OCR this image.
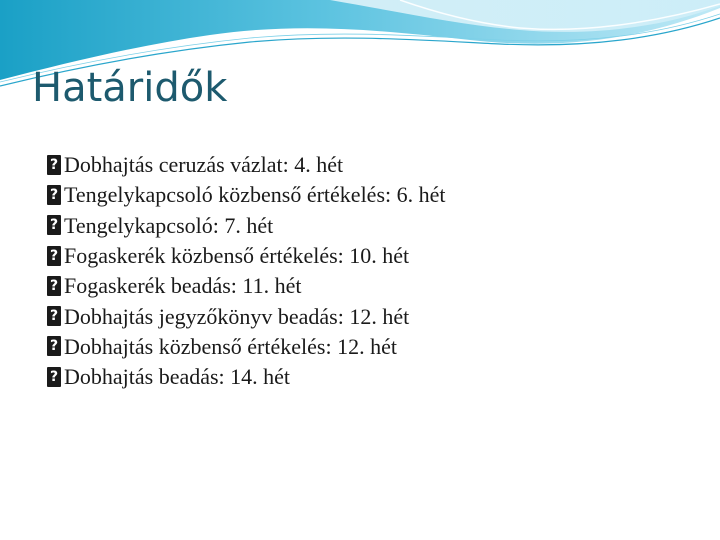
Határidők
?
Dobhajtás ceruzás vázlat: 4. hét
?
Tengelykapcsoló közbenső értékelés: 6. hét
?
Tengelykapcsoló: 7. hét
?
Fogaskerék közbenső értékelés: 10. hét
?
Fogaskerék beadás: 11. hét
?
Dobhajtás jegyzőkönyv beadás: 12. hét
?
Dobhajtás közbenső értékelés: 12. hét
?
Dobhajtás beadás: 14. hét
